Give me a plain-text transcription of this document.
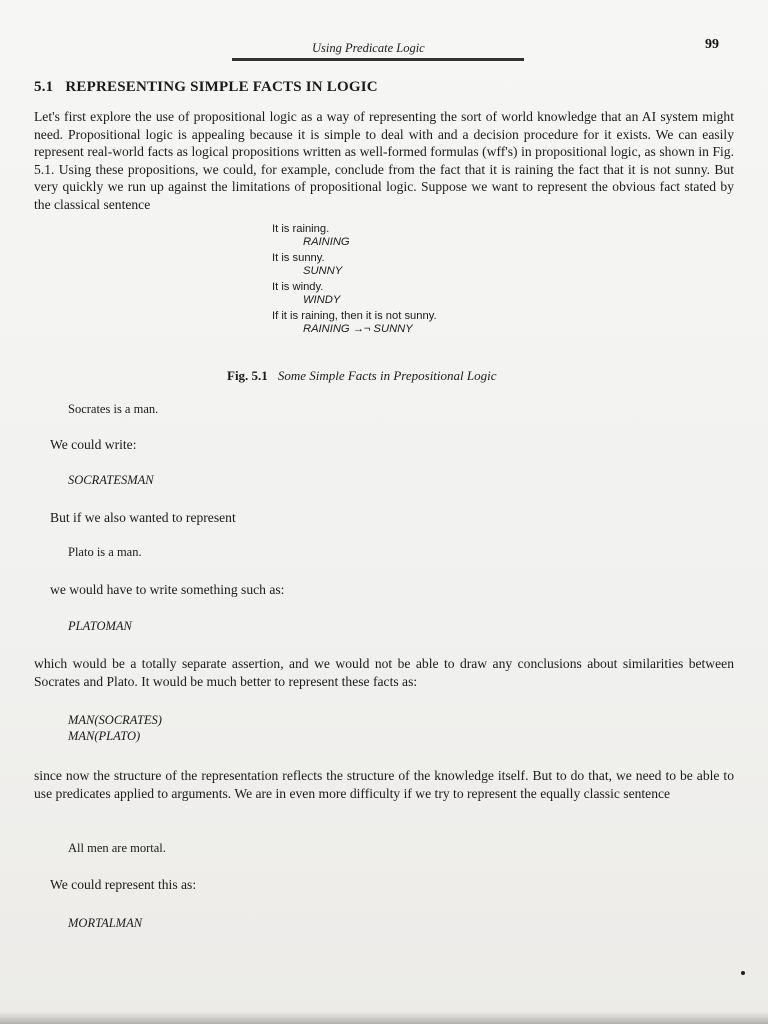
Using Predicate Logic	99
5.1 REPRESENTING SIMPLE FACTS IN LOGIC
Let's first explore the use of propositional logic as a way of representing the sort of world knowledge that an AI system might need. Propositional logic is appealing because it is simple to deal with and a decision procedure for it exists. We can easily represent real-world facts as logical propositions written as well-formed formulas (wff's) in propositional logic, as shown in Fig. 5.1. Using these propositions, we could, for example, conclude from the fact that it is raining the fact that it is not sunny. But very quickly we run up against the limitations of propositional logic. Suppose we want to represent the obvious fact stated by the classical sentence
It is raining.
RAINING
It is sunny.
SUNNY
It is windy.
WINDY
If it is raining, then it is not sunny.
RAINING →¬ SUNNY
Fig. 5.1 Some Simple Facts in Prepositional Logic
Socrates is a man.
We could write:
SOCRATESMAN
But if we also wanted to represent
Plato is a man.
we would have to write something such as:
PLATOMAN
which would be a totally separate assertion, and we would not be able to draw any conclusions about similarities between Socrates and Plato. It would be much better to represent these facts as:
MAN(SOCRATES)
MAN(PLATO)
since now the structure of the representation reflects the structure of the knowledge itself. But to do that, we need to be able to use predicates applied to arguments. We are in even more difficulty if we try to represent the equally classic sentence
All men are mortal.
We could represent this as:
MORTALMAN
